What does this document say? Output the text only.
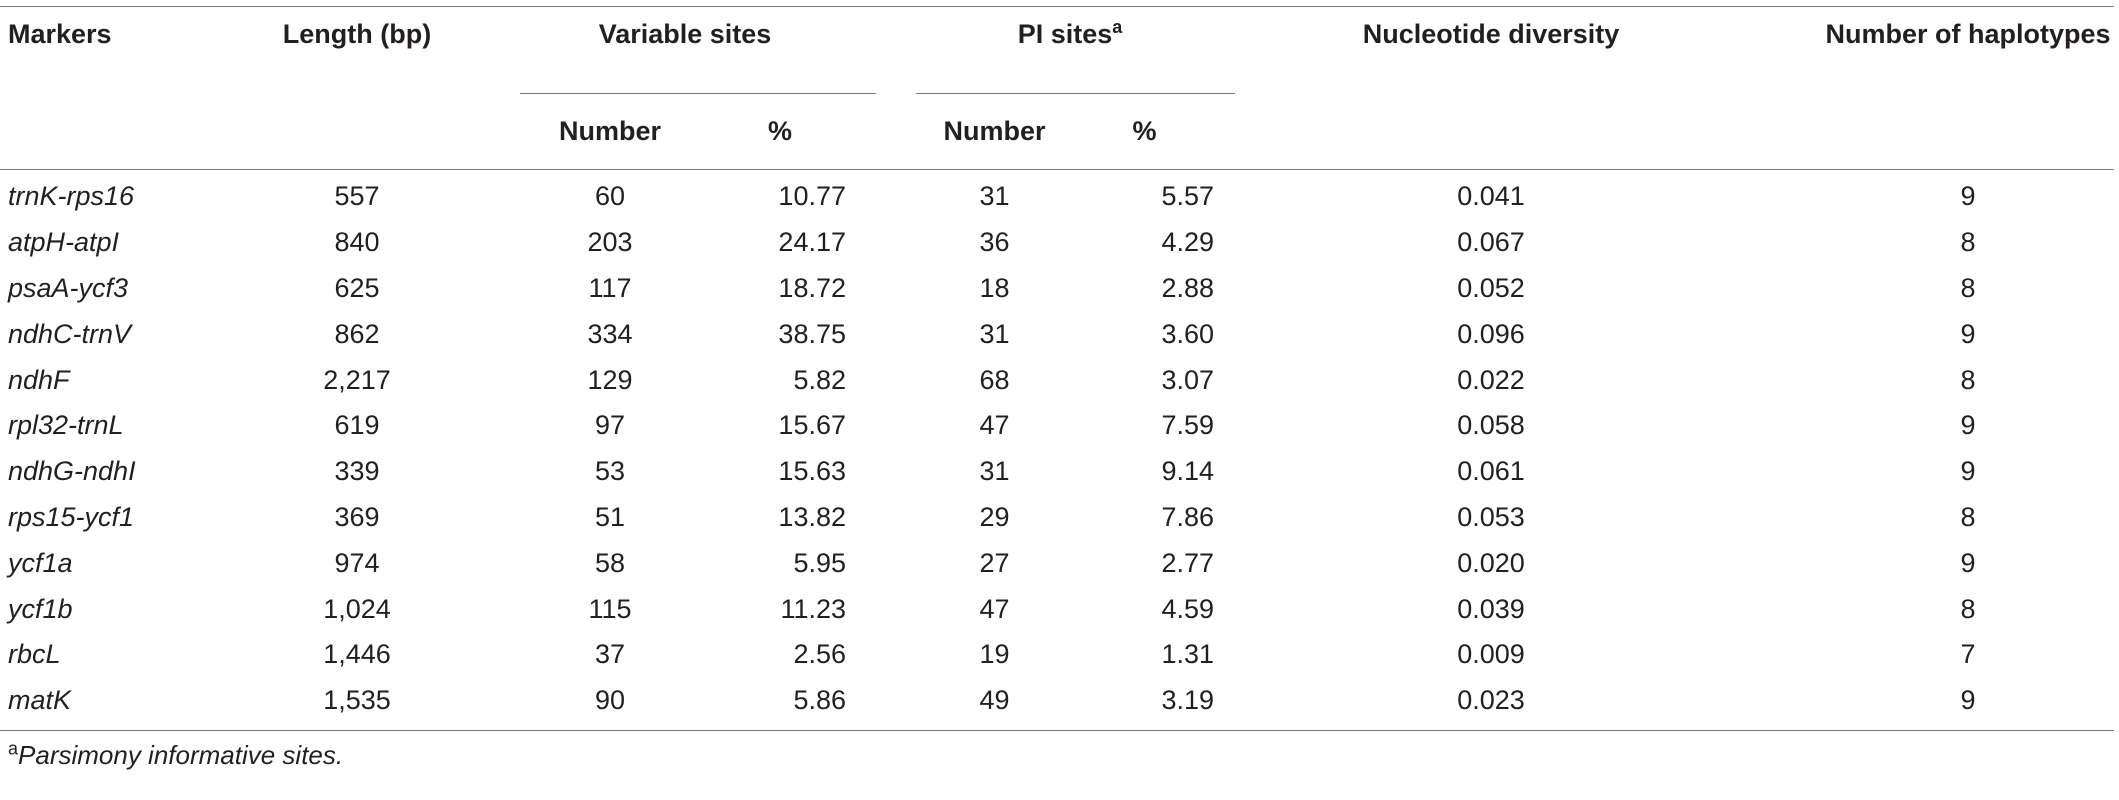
Markers	Length (bp)	Variable sites		PI sites$^a$		Nucleotide diversity	Number of haplotypes
		Number	%	Number	%		
trnK-rps16	557	60	10.77	31	5.57	0.041	9
atpH-atpI	840	203	24.17	36	4.29	0.067	8
psaA-ycf3	625	117	18.72	18	2.88	0.052	8
ndhC-trnV	862	334	38.75	31	3.60	0.096	9
ndhF	2,217	129	5.82	68	3.07	0.022	8
rpl32-trnL	619	97	15.67	47	7.59	0.058	9
ndhG-ndhI	339	53	15.63	31	9.14	0.061	9
rps15-ycf1	369	51	13.82	29	7.86	0.053	8
ycf1a	974	58	5.95	27	2.77	0.020	9
ycf1b	1,024	115	11.23	47	4.59	0.039	8
rbcL	1,446	37	2.56	19	1.31	0.009	7
matK	1,535	90	5.86	49	3.19	0.023	9
$^a$Parsimony informative sites.
